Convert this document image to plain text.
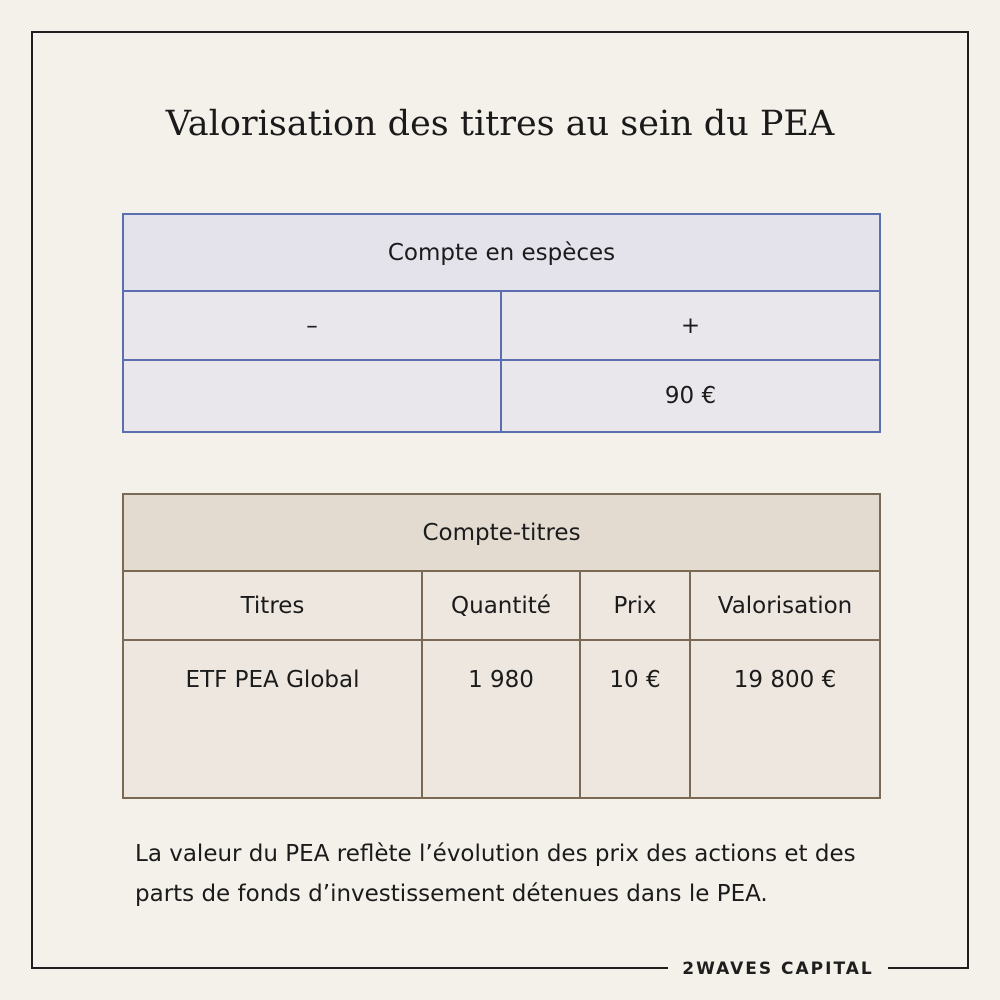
Valorisation des titres au sein du PEA
Compte en espèces	
–	+
	90 €
Compte-titres			
Titres	Quantité	Prix	Valorisation
ETF PEA Global	1 980	10 €	19 800 €
La valeur du PEA reflète l’évolution des prix des actions et des parts de fonds d’investissement détenues dans le PEA.
2WAVES CAPITAL
